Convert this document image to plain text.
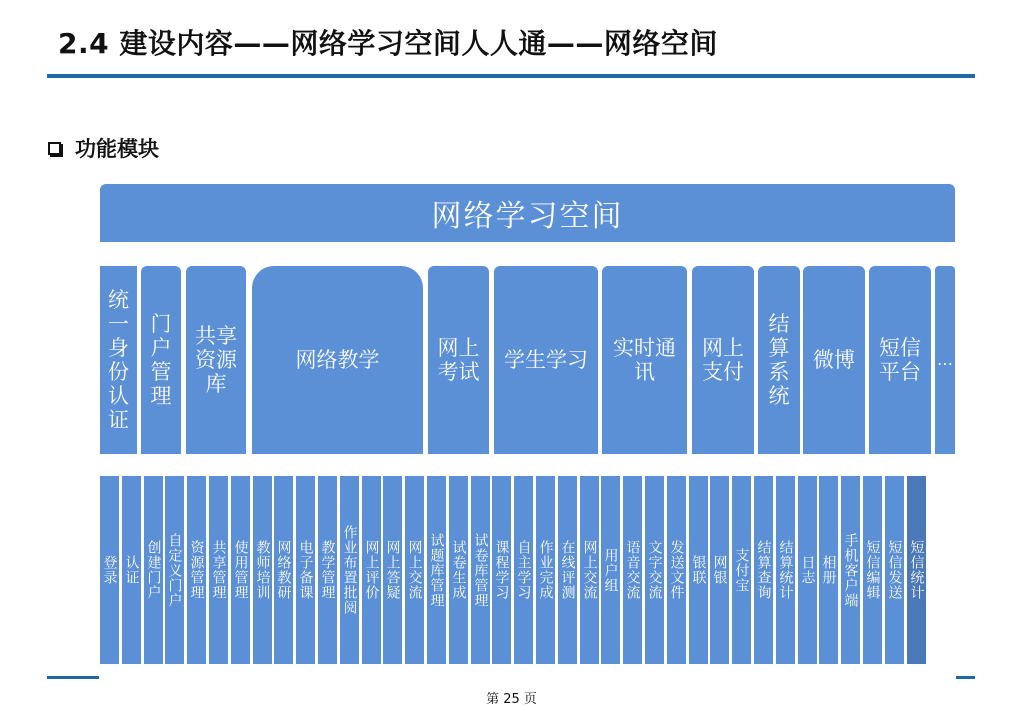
2.4 建设内容——网络学习空间人人通——网络空间
功能模块
网络学习空间
统一身份认证
门户管理
共享资源库
网络教学	网上考试 学生学习	实时通讯
网上支付
结算系统
微博 短信平台
…
登录 认证 创建门户 自定义门户 资源管理 共享管理 使用管理 教师培训 网络教研 电子备课 教学管理 作业布置批阅 网上评价 网上答疑 网上交流 试题库管理 试卷生成 试卷库管理 课程学习 自主学习 作业完成 在线评测 网上交流 用户组 语音交流 文字交流 发送文件 银联 网银 支付宝 结算查询 结算统计 日志 相册 手机客户端 短信编辑 短信发送 短信统计
第 25 页
